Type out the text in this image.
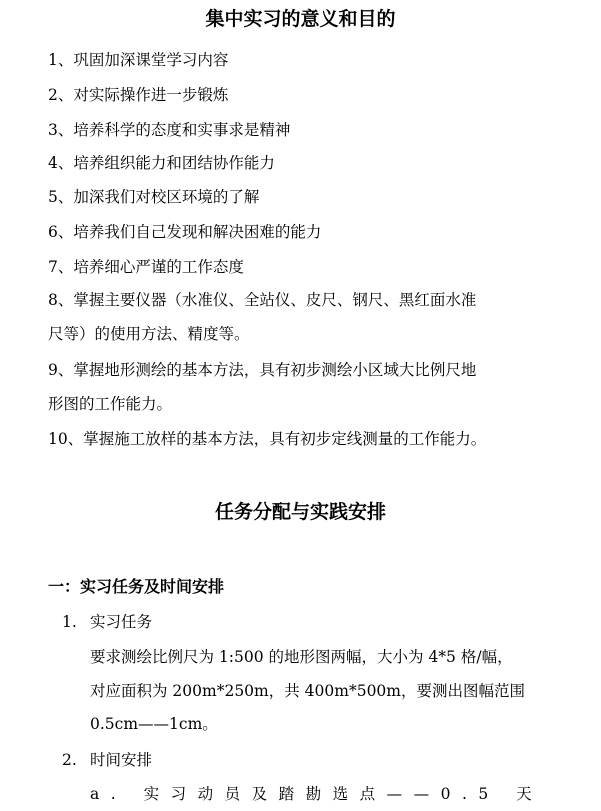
集中实习的意义和目的
1、巩固加深课堂学习内容
2、对实际操作进一步锻炼
3、培养科学的态度和实事求是精神
4、培养组织能力和团结协作能力
5、加深我们对校区环境的了解
6、培养我们自己发现和解决困难的能力
7、培养细心严谨的工作态度
8、掌握主要仪器（水准仪、全站仪、皮尺、钢尺、黑红面水准
尺等）的使用方法、精度等。
9、掌握地形测绘的基本方法，具有初步测绘小区域大比例尺地
形图的工作能力。
10、掌握施工放样的基本方法，具有初步定线测量的工作能力。
任务分配与实践安排
一：实习任务及时间安排
1. 实习任务
要求测绘比例尺为 1:500 的地形图两幅，大小为 4*5 格/幅，
对应面积为 200m*250m，共 400m*500m，要测出图幅范围
0.5cm——1cm。
2. 时间安排
a. 实习动员及踏勘选点——0.5 天
